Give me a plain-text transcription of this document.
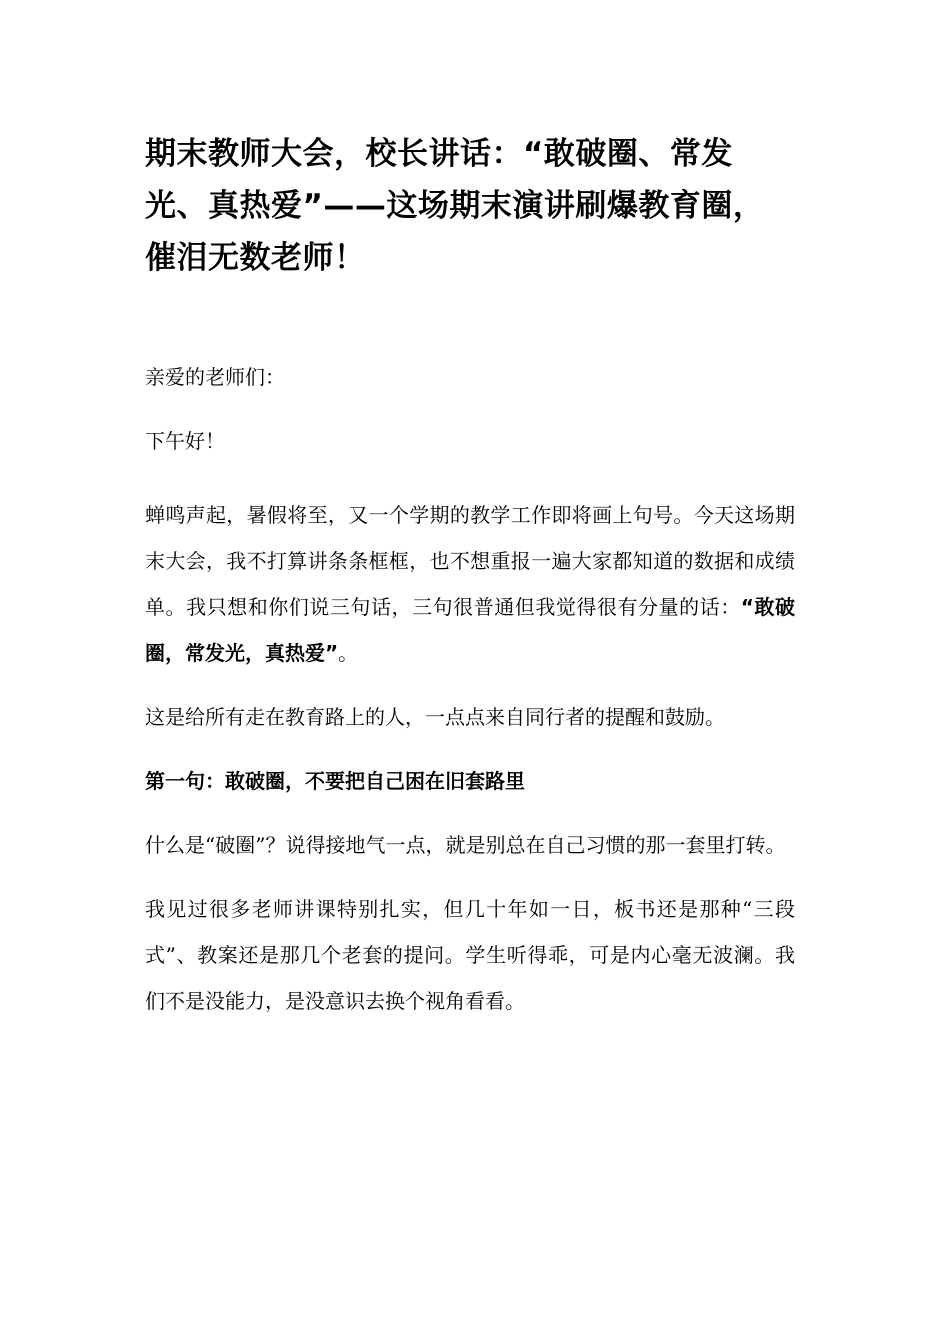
期末教师大会，校长讲话：“敢破圈、常发光、真热爱”——这场期末演讲刷爆教育圈，催泪无数老师！

亲爱的老师们：

下午好！

蝉鸣声起，暑假将至，又一个学期的教学工作即将画上句号。今天这场期末大会，我不打算讲条条框框，也不想重报一遍大家都知道的数据和成绩单。我只想和你们说三句话，三句很普通但我觉得很有分量的话：“敢破圈，常发光，真热爱”。

这是给所有走在教育路上的人，一点点来自同行者的提醒和鼓励。

第一句：敢破圈，不要把自己困在旧套路里

什么是“破圈”？说得接地气一点，就是别总在自己习惯的那一套里打转。

我见过很多老师讲课特别扎实，但几十年如一日，板书还是那种“三段式”、教案还是那几个老套的提问。学生听得乖，可是内心毫无波澜。我们不是没能力，是没意识去换个视角看看。
